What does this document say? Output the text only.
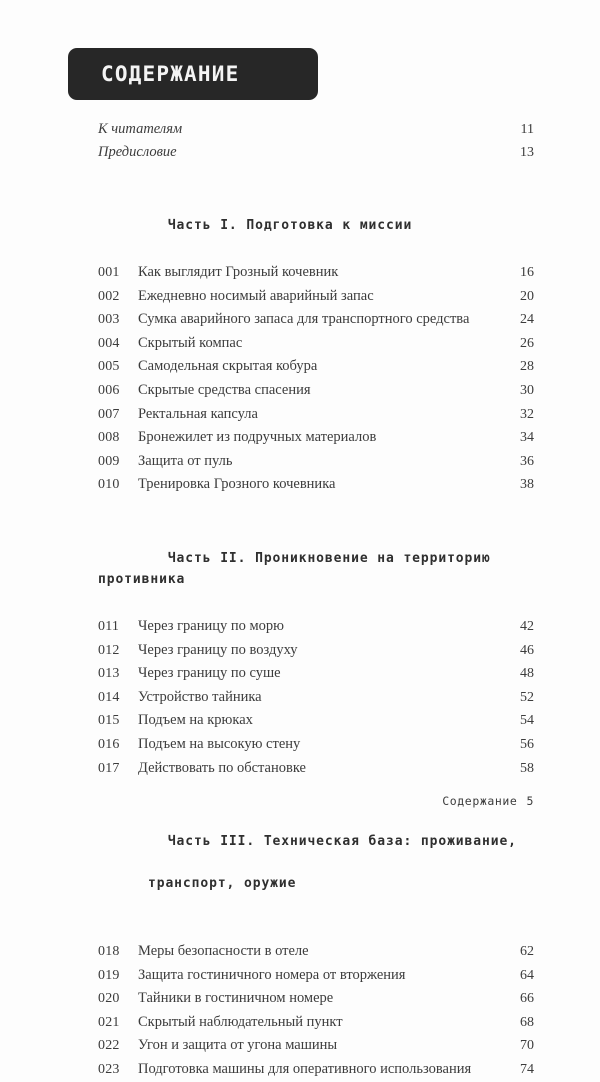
СОДЕРЖАНИЕ
К читателям	11
Предисловие	13

Часть I. Подготовка к миссии

001	Как выглядит Грозный кочевник	16
002	Ежедневно носимый аварийный запас	20
003	Сумка аварийного запаса для транспортного средства	24
004	Скрытый компас	26
005	Самодельная скрытая кобура	28
006	Скрытые средства спасения	30
007	Ректальная капсула	32
008	Бронежилет из подручных материалов	34
009	Защита от пуль	36
010	Тренировка Грозного кочевника	38

Часть II. Проникновение на территорию противника

011	Через границу по морю	42
012	Через границу по воздуху	46
013	Через границу по суше	48
014	Устройство тайника	52
015	Подъем на крюках	54
016	Подъем на высокую стену	56
017	Действовать по обстановке	58

Часть III. Техническая база: проживание,

транспорт, оружие

018	Меры безопасности в отеле	62
019	Защита гостиничного номера от вторжения	64
020	Тайники в гостиничном номере	66
021	Скрытый наблюдательный пункт	68
022	Угон и защита от угона машины	70
023	Подготовка машины для оперативного использования	74
Содержание 5
